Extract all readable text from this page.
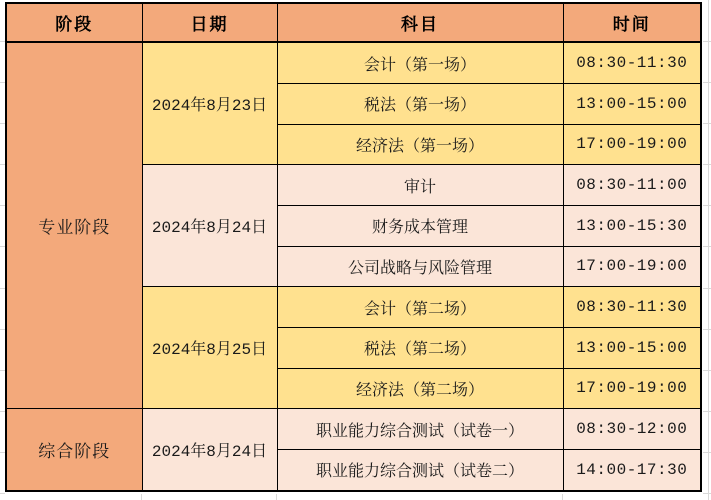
阶段	日期	科目	时间
专业阶段	2024年8月23日	会计（第一场）	08:30-11:30
		税法（第一场）	13:00-15:00
		经济法（第一场）	17:00-19:00
	2024年8月24日	审计	08:30-11:00
		财务成本管理	13:00-15:30
		公司战略与风险管理	17:00-19:00
	2024年8月25日	会计（第二场）	08:30-11:30
		税法（第二场）	13:00-15:00
		经济法（第二场）	17:00-19:00
综合阶段	2024年8月24日	职业能力综合测试（试卷一）	08:30-12:00
		职业能力综合测试（试卷二）	14:00-17:30
